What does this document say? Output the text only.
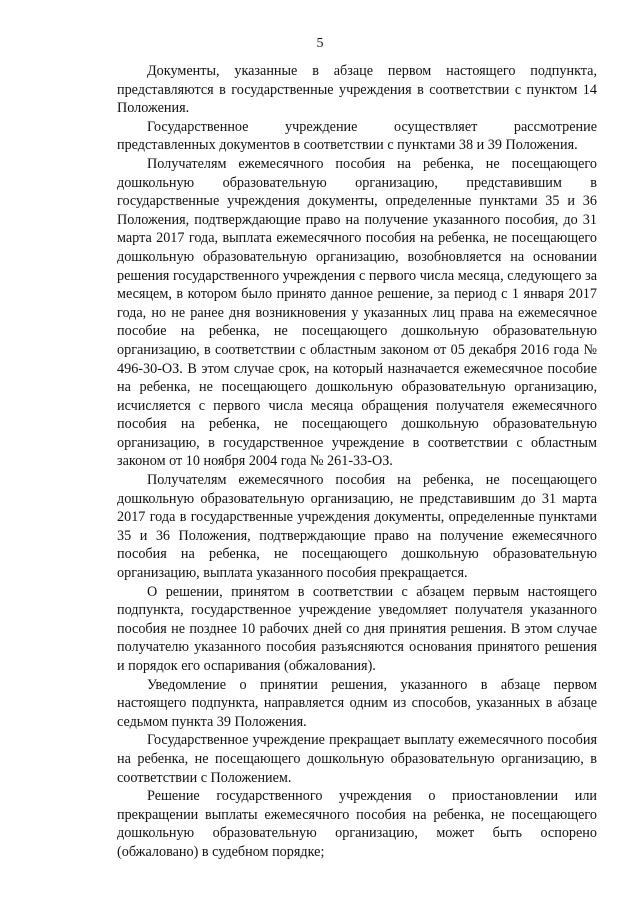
5

Документы, указанные в абзаце первом настоящего подпункта, представляются в государственные учреждения в соответствии с пунктом 14 Положения.

Государственное учреждение осуществляет рассмотрение представленных документов в соответствии с пунктами 38 и 39 Положения.

Получателям ежемесячного пособия на ребенка, не посещающего дошкольную образовательную организацию, представившим в государственные учреждения документы, определенные пунктами 35 и 36 Положения, подтверждающие право на получение указанного пособия, до 31 марта 2017 года, выплата ежемесячного пособия на ребенка, не посещающего дошкольную образовательную организацию, возобновляется на основании решения государственного учреждения с первого числа месяца, следующего за месяцем, в котором было принято данное решение, за период с 1 января 2017 года, но не ранее дня возникновения у указанных лиц права на ежемесячное пособие на ребенка, не посещающего дошкольную образовательную организацию, в соответствии с областным законом от 05 декабря 2016 года № 496-30-ОЗ. В этом случае срок, на который назначается ежемесячное пособие на ребенка, не посещающего дошкольную образовательную организацию, исчисляется с первого числа месяца обращения получателя ежемесячного пособия на ребенка, не посещающего дошкольную образовательную организацию, в государственное учреждение в соответствии с областным законом от 10 ноября 2004 года № 261-33-ОЗ.

Получателям ежемесячного пособия на ребенка, не посещающего дошкольную образовательную организацию, не представившим до 31 марта 2017 года в государственные учреждения документы, определенные пунктами 35 и 36 Положения, подтверждающие право на получение ежемесячного пособия на ребенка, не посещающего дошкольную образовательную организацию, выплата указанного пособия прекращается.

О решении, принятом в соответствии с абзацем первым настоящего подпункта, государственное учреждение уведомляет получателя указанного пособия не позднее 10 рабочих дней со дня принятия решения. В этом случае получателю указанного пособия разъясняются основания принятого решения и порядок его оспаривания (обжалования).

Уведомление о принятии решения, указанного в абзаце первом настоящего подпункта, направляется одним из способов, указанных в абзаце седьмом пункта 39 Положения.

Государственное учреждение прекращает выплату ежемесячного пособия на ребенка, не посещающего дошкольную образовательную организацию, в соответствии с Положением.

Решение государственного учреждения о приостановлении или прекращении выплаты ежемесячного пособия на ребенка, не посещающего дошкольную образовательную организацию, может быть оспорено (обжаловано) в судебном порядке;
